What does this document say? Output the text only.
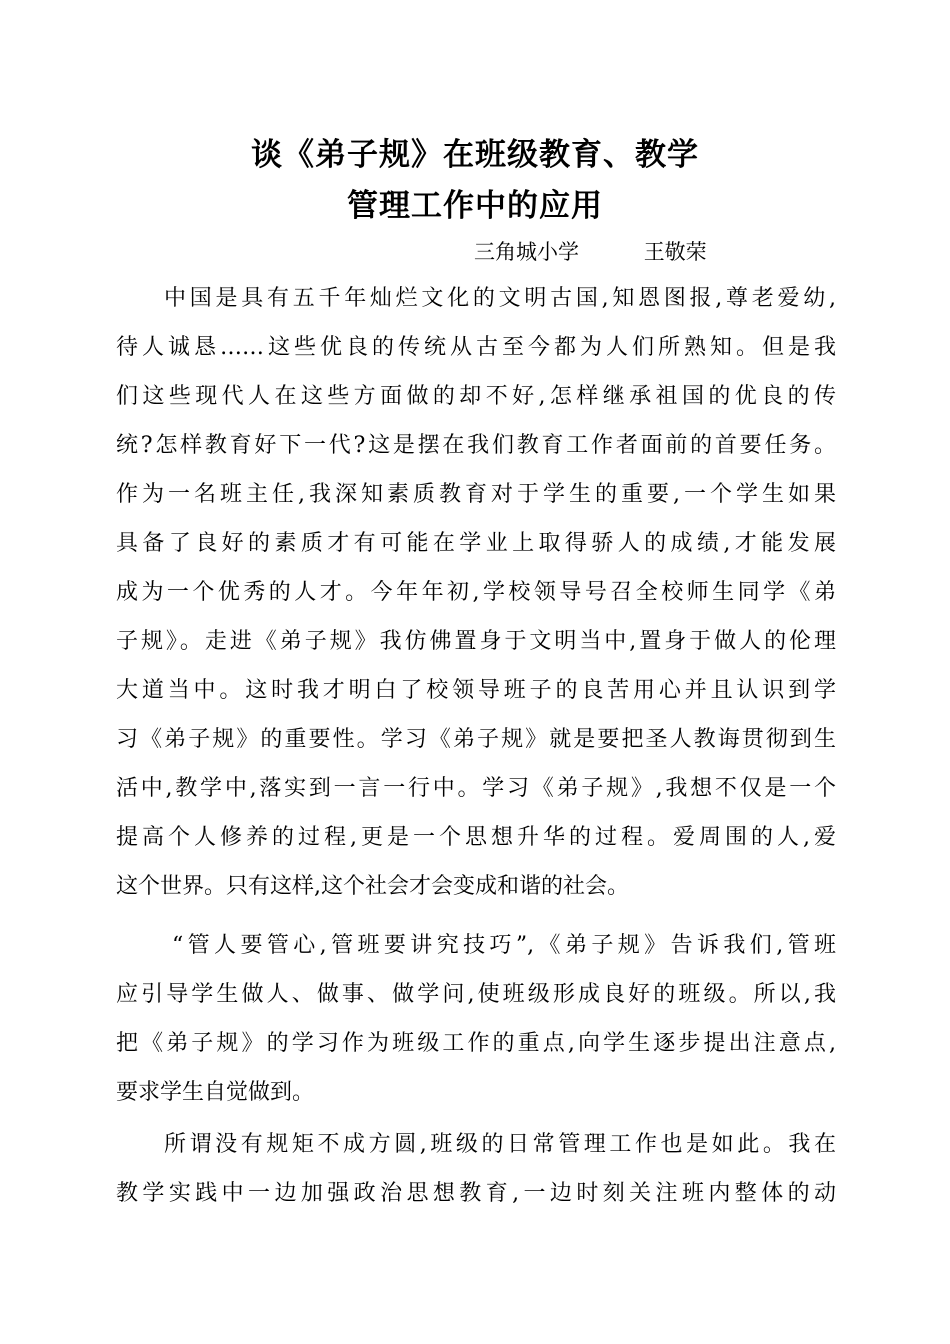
谈《弟子规》在班级教育、教学
管理工作中的应用
三角城小学	王敬荣
中国是具有五千年灿烂文化的文明古国,知恩图报,尊老爱幼,
待人诚恳……这些优良的传统从古至今都为人们所熟知。但是我
们这些现代人在这些方面做的却不好,怎样继承祖国的优良的传
统?怎样教育好下一代?这是摆在我们教育工作者面前的首要任务。
作为一名班主任,我深知素质教育对于学生的重要,一个学生如果
具备了良好的素质才有可能在学业上取得骄人的成绩,才能发展
成为一个优秀的人才。今年年初,学校领导号召全校师生同学《弟
子规》。走进《弟子规》我仿佛置身于文明当中,置身于做人的伦理
大道当中。这时我才明白了校领导班子的良苦用心并且认识到学
习《弟子规》的重要性。学习《弟子规》就是要把圣人教诲贯彻到生
活中,教学中,落实到一言一行中。学习《弟子规》,我想不仅是一个
提高个人修养的过程,更是一个思想升华的过程。爱周围的人,爱
这个世界。只有这样,这个社会才会变成和谐的社会。
“管人要管心,管班要讲究技巧”,《弟子规》告诉我们,管班
应引导学生做人、做事、做学问,使班级形成良好的班级。所以,我
把《弟子规》的学习作为班级工作的重点,向学生逐步提出注意点,
要求学生自觉做到。
所谓没有规矩不成方圆,班级的日常管理工作也是如此。我在
教学实践中一边加强政治思想教育,一边时刻关注班内整体的动
